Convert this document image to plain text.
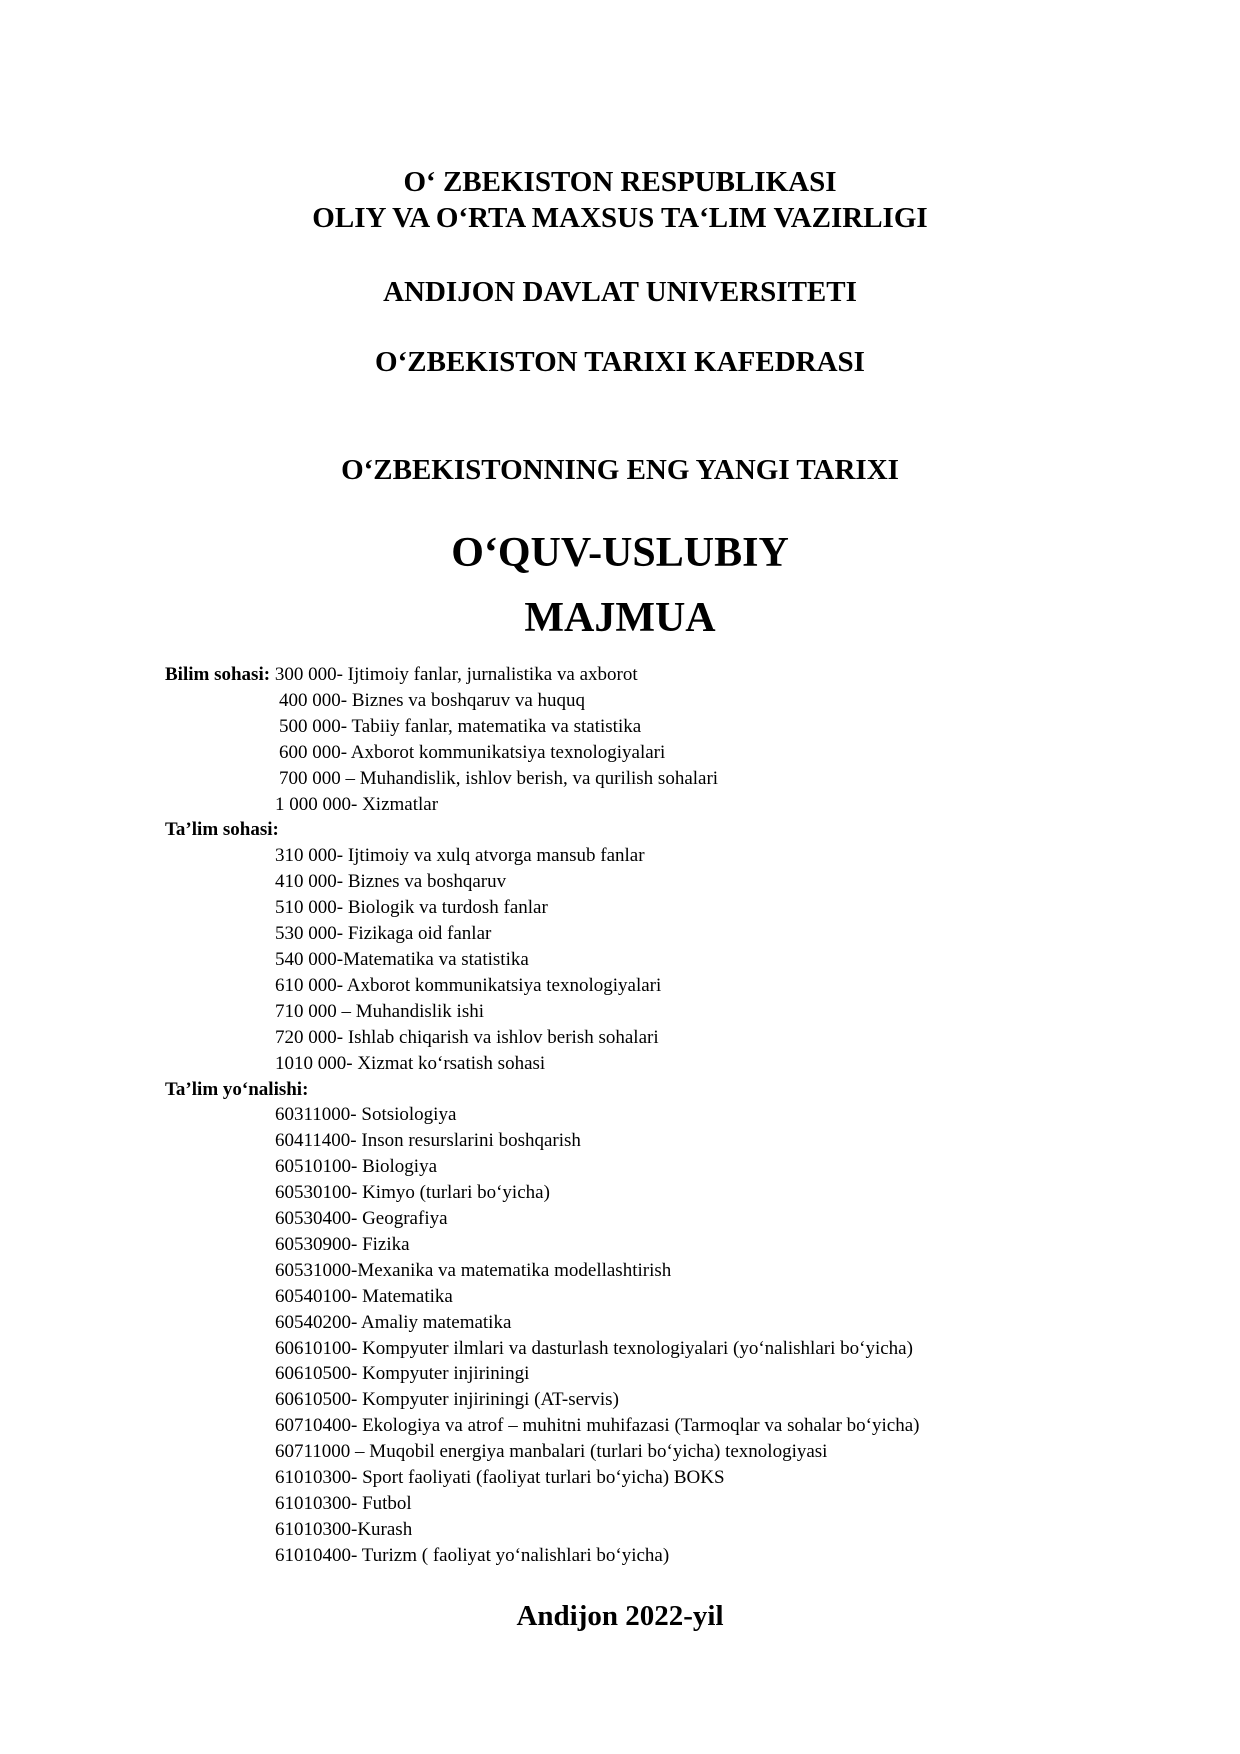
O‘ ZBEKISTON RESPUBLIKASI
OLIY VA O‘RTA MAXSUS TA‘LIM VAZIRLIGI
ANDIJON DAVLAT UNIVERSITETI
O‘ZBEKISTON TARIXI KAFEDRASI
O‘ZBEKISTONNING ENG YANGI TARIXI
O‘QUV-USLUBIY
MAJMUA
Bilim sohasi: 300 000- Ijtimoiy fanlar, jurnalistika va axborot
400 000- Biznes va boshqaruv va huquq
500 000- Tabiiy fanlar, matematika va statistika
600 000- Axborot kommunikatsiya texnologiyalari
700 000 – Muhandislik, ishlov berish, va qurilish sohalari
1 000 000- Xizmatlar
Ta’lim sohasi:
310 000- Ijtimoiy va xulq atvorga mansub fanlar
410 000- Biznes va boshqaruv
510 000- Biologik va turdosh fanlar
530 000- Fizikaga oid fanlar
540 000-Matematika va statistika
610 000- Axborot kommunikatsiya texnologiyalari
710 000 – Muhandislik ishi
720 000- Ishlab chiqarish va ishlov berish sohalari
1010 000- Xizmat ko‘rsatish sohasi
Ta’lim yo‘nalishi:
60311000- Sotsiologiya
60411400- Inson resurslarini boshqarish
60510100- Biologiya
60530100- Kimyo (turlari bo‘yicha)
60530400- Geografiya
60530900- Fizika
60531000-Mexanika va matematika modellashtirish
60540100- Matematika
60540200- Amaliy matematika
60610100- Kompyuter ilmlari va dasturlash texnologiyalari (yo‘nalishlari bo‘yicha)
60610500- Kompyuter injiriningi
60610500- Kompyuter injiriningi (AT-servis)
60710400- Ekologiya va atrof – muhitni muhifazasi (Tarmoqlar va sohalar bo‘yicha)
60711000 – Muqobil energiya manbalari (turlari bo‘yicha) texnologiyasi
61010300- Sport faoliyati (faoliyat turlari bo‘yicha) BOKS
61010300- Futbol
61010300-Kurash
61010400- Turizm ( faoliyat yo‘nalishlari bo‘yicha)
Andijon 2022-yil
